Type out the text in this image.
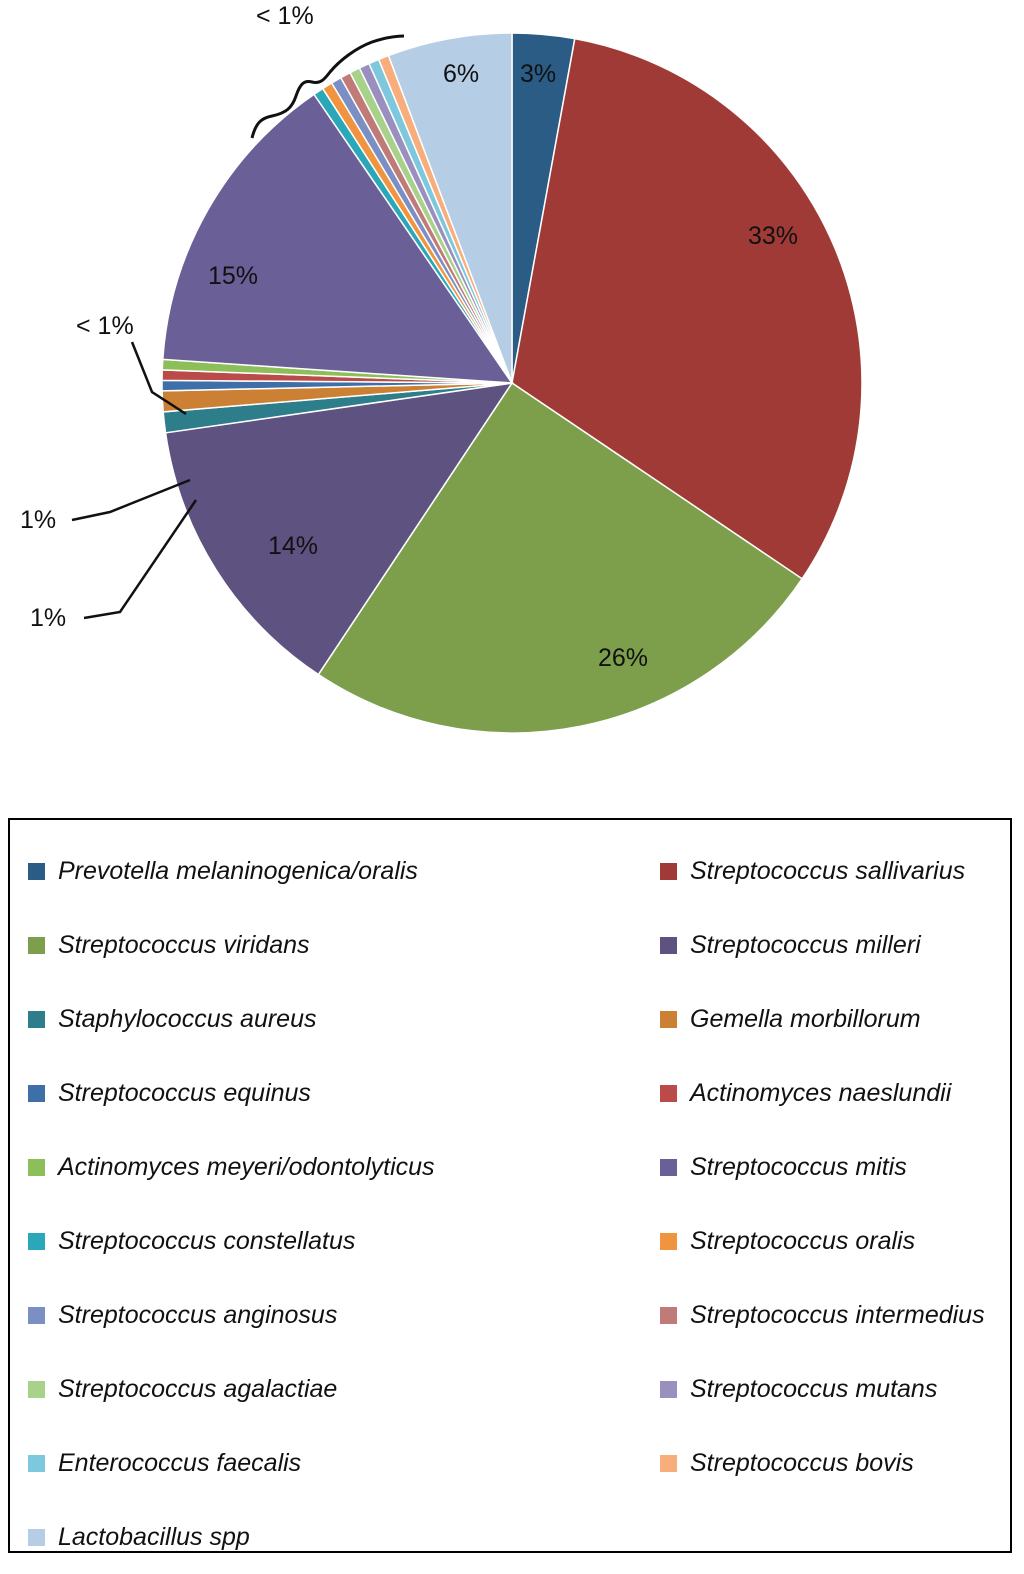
3%
33%
26%
14%
15%
6%
< 1%
< 1%
1%
1%
Prevotella melaninogenica/oralis
Streptococcus viridans
Staphylococcus aureus
Streptococcus equinus
Actinomyces meyeri/odontolyticus
Streptococcus constellatus
Streptococcus anginosus
Streptococcus agalactiae
Enterococcus faecalis
Lactobacillus spp
Streptococcus sallivarius
Streptococcus milleri
Gemella morbillorum
Actinomyces naeslundii
Streptococcus mitis
Streptococcus oralis
Streptococcus intermedius
Streptococcus mutans
Streptococcus bovis
